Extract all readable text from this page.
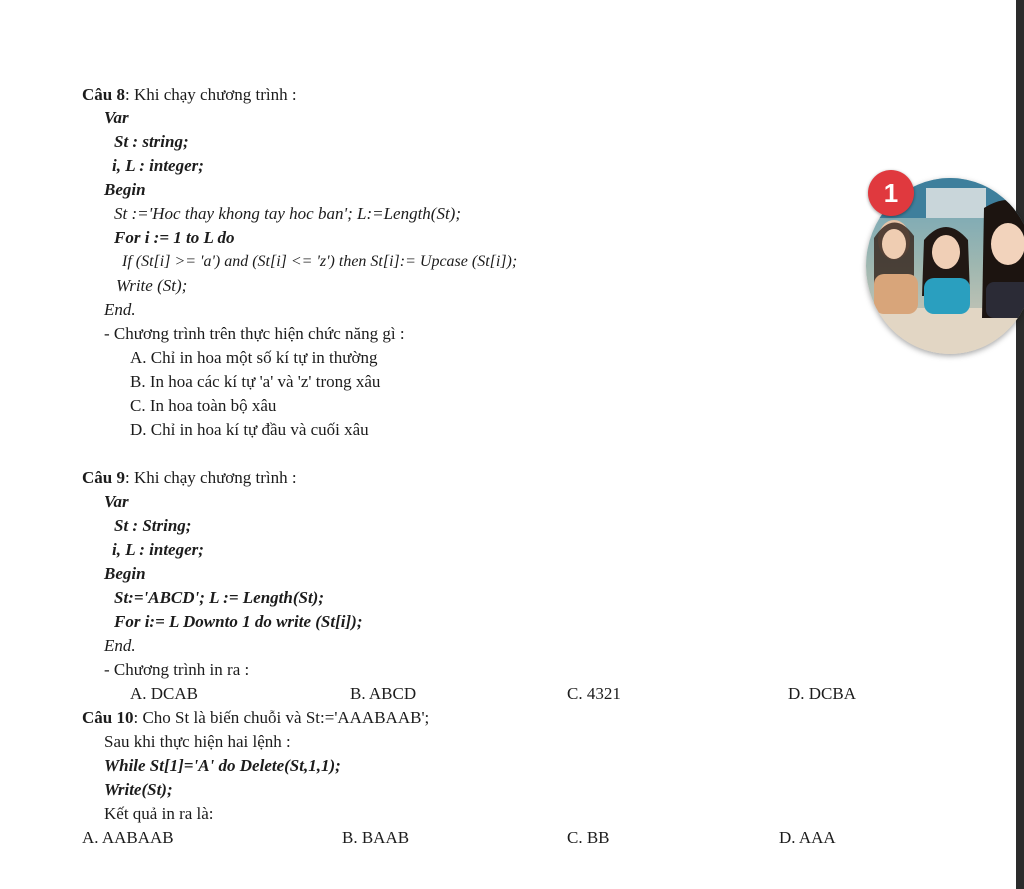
Câu 8: Khi chạy chương trình :
Var
St : string;
i, L : integer;
Begin
St :='Hoc thay khong tay hoc ban'; L:=Length(St);
For i := 1 to L do
If (St[i] >= 'a') and (St[i] <= 'z') then St[i]:= Upcase (St[i]);
Write (St);
End.
- Chương trình trên thực hiện chức năng gì :
A. Chỉ in hoa một số kí tự in thường
B. In hoa các kí tự 'a' và 'z' trong xâu
C. In hoa toàn bộ xâu
D. Chỉ in hoa kí tự đầu và cuối xâu
Câu 9: Khi chạy chương trình :
Var
St : String;
i, L : integer;
Begin
St:='ABCD'; L := Length(St);
For i:= L Downto 1 do write (St[i]);
End.
- Chương trình in ra :
A. DCAB	B. ABCD	C. 4321	D. DCBA
Câu 10: Cho St là biến chuỗi và St:='AAABAAB';
Sau khi thực hiện hai lệnh :
While St[1]='A' do Delete(St,1,1);
Write(St);
Kết quả in ra là:
A. AABAAB	B. BAAB	C. BB	D. AAA
1
